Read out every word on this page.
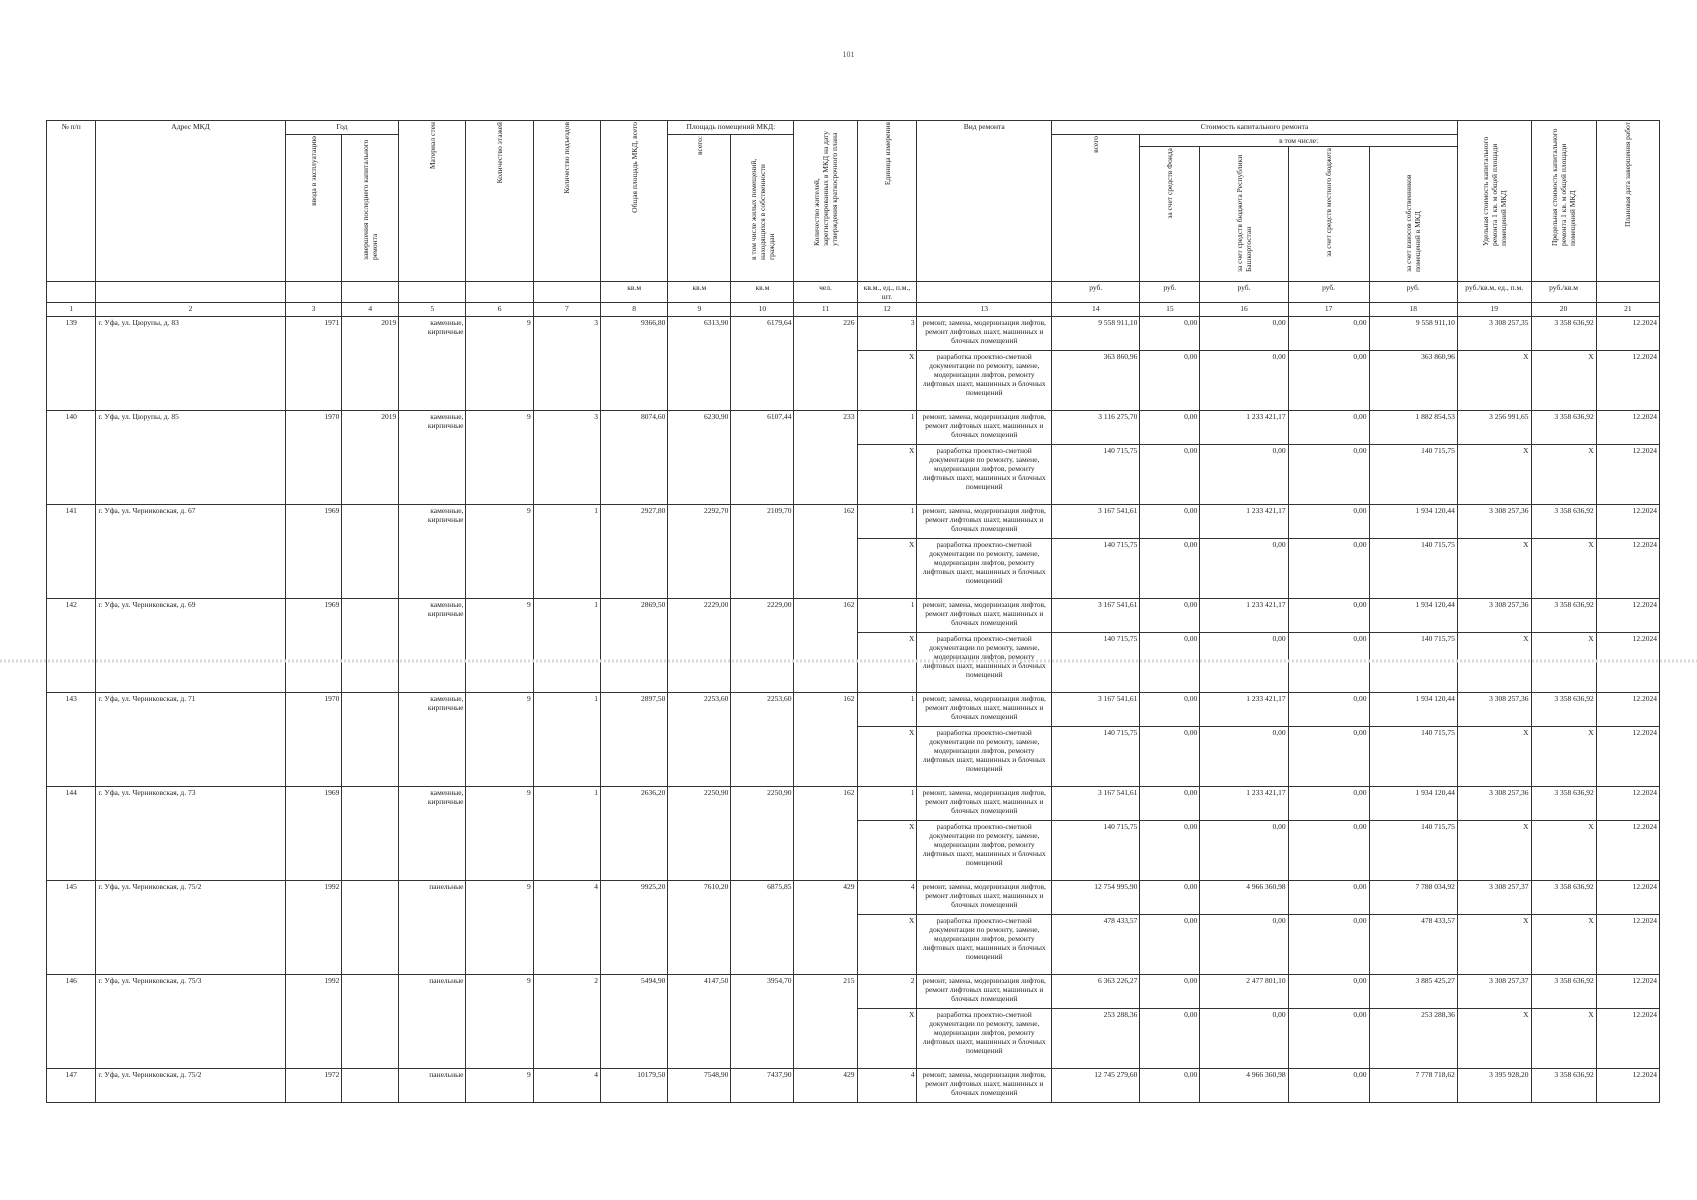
101
№ п/п	Адрес МКД	Год		Материал стен	Количество этажей	Количество подъездов	Общая площадь МКД, всего	Площадь помещений МКД:		Количество жителей, зарегистрированных в МКД на дату утверждения краткосрочного плана	Единица измерения	Вид ремонта	Стоимость капитального ремонта					Удельная стоимость капитального ремонта 1 кв. м общей площади помещений МКД	Предельная стоимость капитального ремонта 1 кв. м общей площади помещений МКД	Плановая дата завершения работ

		ввода в эксплуатацию	завершения последнего капитального ремонта					всего:	в том числе жилых помещений, находящихся в собственности граждан				всего	в том числе:						

														за счет средств Фонда	за счет средств бюджета Республики Башкортостан	за счет средств местного бюджета	за счет взносов собственников помещений в МКД			

							кв.м	кв.м	кв.м	чел.	кв.м., ед., п.м., шт.		руб.	руб.	руб.	руб.	руб.	руб./кв.м, ед., п.м.	руб./кв.м	
1	2	3	4	5	6	7	8	9	10	11	12	13	14	15	16	17	18	19	20	21
139	г. Уфа, ул. Цюрупы, д. 83	1971	2019	каменные, кирпичные	9	3	9366,80	6313,90	6179,64	226	3	ремонт, замена, модернизация лифтов, ремонт лифтовых шахт, машинных и блочных помещений	9 558 911,10	0,00	0,00	0,00	9 558 911,10	3 308 257,35	3 358 636,92	12.2024
											X	разработка проектно-сметной документации по ремонту, замене, модернизации лифтов, ремонту лифтовых шахт, машинных и блочных помещений	363 860,96	0,00	0,00	0,00	363 860,96	X	X	12.2024
140	г. Уфа, ул. Цюрупы, д. 85	1970	2019	каменные, кирпичные	9	3	8074,60	6230,90	6107,44	233	1	ремонт, замена, модернизация лифтов, ремонт лифтовых шахт, машинных и блочных помещений	3 116 275,70	0,00	1 233 421,17	0,00	1 882 854,53	3 256 991,65	3 358 636,92	12.2024
											X	разработка проектно-сметной документации по ремонту, замене, модернизации лифтов, ремонту лифтовых шахт, машинных и блочных помещений	140 715,75	0,00	0,00	0,00	140 715,75	X	X	12.2024
141	г. Уфа, ул. Черниковская, д. 67	1969		каменные, кирпичные	9	1	2927,80	2292,70	2109,70	162	1	ремонт, замена, модернизация лифтов, ремонт лифтовых шахт, машинных и блочных помещений	3 167 541,61	0,00	1 233 421,17	0,00	1 934 120,44	3 308 257,36	3 358 636,92	12.2024
											X	разработка проектно-сметной документации по ремонту, замене, модернизации лифтов, ремонту лифтовых шахт, машинных и блочных помещений	140 715,75	0,00	0,00	0,00	140 715,75	X	X	12.2024
142	г. Уфа, ул. Черниковская, д. 69	1969		каменные, кирпичные	9	1	2869,50	2229,00	2229,00	162	1	ремонт, замена, модернизация лифтов, ремонт лифтовых шахт, машинных и блочных помещений	3 167 541,61	0,00	1 233 421,17	0,00	1 934 120,44	3 308 257,36	3 358 636,92	12.2024
											X	разработка проектно-сметной документации по ремонту, замене, модернизации лифтов, ремонту лифтовых шахт, машинных и блочных помещений	140 715,75	0,00	0,00	0,00	140 715,75	X	X	12.2024
143	г. Уфа, ул. Черниковская, д. 71	1970		каменные, кирпичные	9	1	2897,50	2253,60	2253,60	162	1	ремонт, замена, модернизация лифтов, ремонт лифтовых шахт, машинных и блочных помещений	3 167 541,61	0,00	1 233 421,17	0,00	1 934 120,44	3 308 257,36	3 358 636,92	12.2024
											X	разработка проектно-сметной документации по ремонту, замене, модернизации лифтов, ремонту лифтовых шахт, машинных и блочных помещений	140 715,75	0,00	0,00	0,00	140 715,75	X	X	12.2024
144	г. Уфа, ул. Черниковская, д. 73	1969		каменные, кирпичные	9	1	2636,20	2250,90	2250,90	162	1	ремонт, замена, модернизация лифтов, ремонт лифтовых шахт, машинных и блочных помещений	3 167 541,61	0,00	1 233 421,17	0,00	1 934 120,44	3 308 257,36	3 358 636,92	12.2024
											X	разработка проектно-сметной документации по ремонту, замене, модернизации лифтов, ремонту лифтовых шахт, машинных и блочных помещений	140 715,75	0,00	0,00	0,00	140 715,75	X	X	12.2024
145	г. Уфа, ул. Черниковская, д. 75/2	1992		панельные	9	4	9925,20	7610,20	6875,85	429	4	ремонт, замена, модернизация лифтов, ремонт лифтовых шахт, машинных и блочных помещений	12 754 995,90	0,00	4 966 360,98	0,00	7 788 034,92	3 308 257,37	3 358 636,92	12.2024
											X	разработка проектно-сметной документации по ремонту, замене, модернизации лифтов, ремонту лифтовых шахт, машинных и блочных помещений	478 433,57	0,00	0,00	0,00	478 433,57	X	X	12.2024
146	г. Уфа, ул. Черниковская, д. 75/3	1992		панельные	9	2	5494,90	4147,50	3954,70	215	2	ремонт, замена, модернизация лифтов, ремонт лифтовых шахт, машинных и блочных помещений	6 363 226,27	0,00	2 477 801,10	0,00	3 885 425,27	3 308 257,37	3 358 636,92	12.2024
											X	разработка проектно-сметной документации по ремонту, замене, модернизации лифтов, ремонту лифтовых шахт, машинных и блочных помещений	253 288,36	0,00	0,00	0,00	253 288,36	X	X	12.2024
147	г. Уфа, ул. Черниковская, д. 75/2	1972		панельные	9	4	10179,50	7548,90	7437,90	429	4	ремонт, замена, модернизация лифтов, ремонт лифтовых шахт, машинных и блочных помещений	12 745 279,60	0,00	4 966 360,98	0,00	7 778 718,62	3 395 928,20	3 358 636,92	12.2024
